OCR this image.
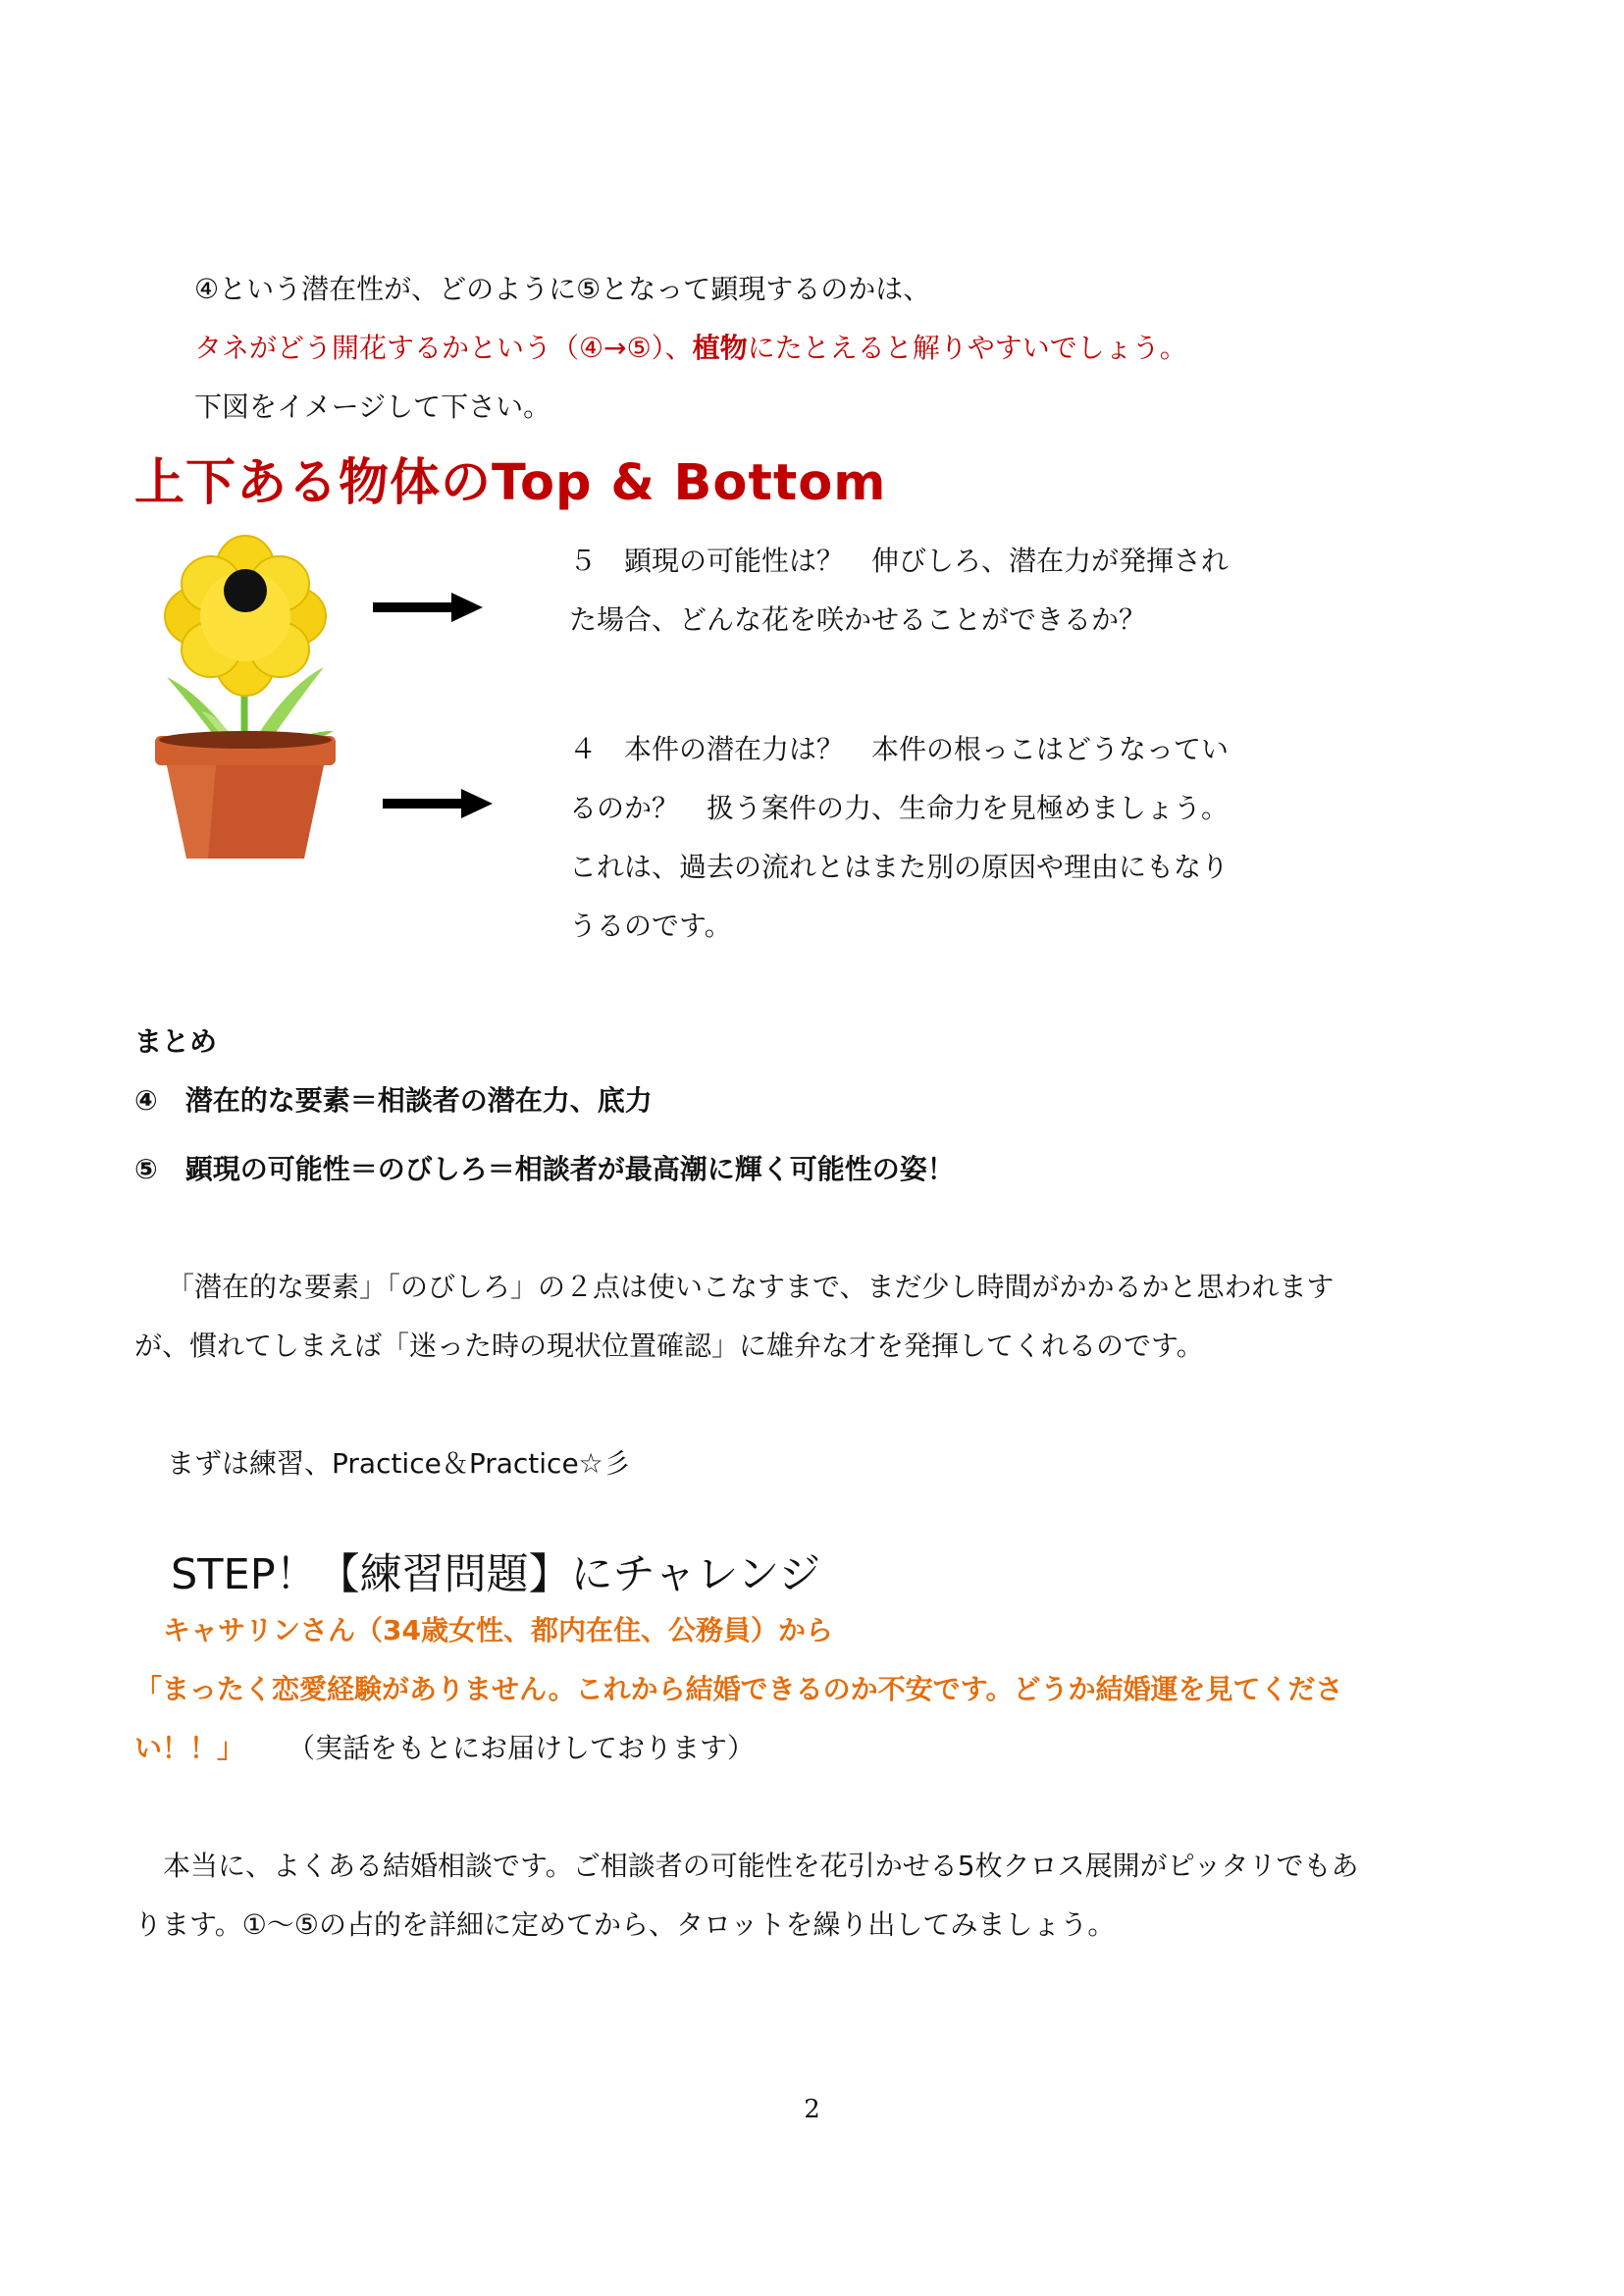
④という潜在性が、どのように⑤となって顕現するのかは、
タネがどう開花するかという（④→⑤）、植物にたとえると解りやすいでしょう。
下図をイメージして下さい。
上下ある物体のTop & Bottom
５　顕現の可能性は？　伸びしろ、潜在力が発揮され
た場合、どんな花を咲かせることができるか？
４　本件の潜在力は？　本件の根っこはどうなってい
るのか？　扱う案件の力、生命力を見極めましょう。
これは、過去の流れとはまた別の原因や理由にもなり
うるのです。
まとめ
④　潜在的な要素＝相談者の潜在力、底力
⑤　顕現の可能性＝のびしろ＝相談者が最高潮に輝く可能性の姿！
「潜在的な要素」「のびしろ」の２点は使いこなすまで、まだ少し時間がかかるかと思われます
が、慣れてしまえば「迷った時の現状位置確認」に雄弁な才を発揮してくれるのです。
まずは練習、Practice＆Practice☆彡
STEP！【練習問題】にチャレンジ
キャサリンさん（34歳女性、都内在住、公務員）から
「まったく恋愛経験がありません。これから結婚できるのか不安です。どうか結婚運を見てくださ
い！！」 （実話をもとにお届けしております）
本当に、よくある結婚相談です。ご相談者の可能性を花引かせる5枚クロス展開がピッタリでもあ
ります。①～⑤の占的を詳細に定めてから、タロットを繰り出してみましょう。
2
